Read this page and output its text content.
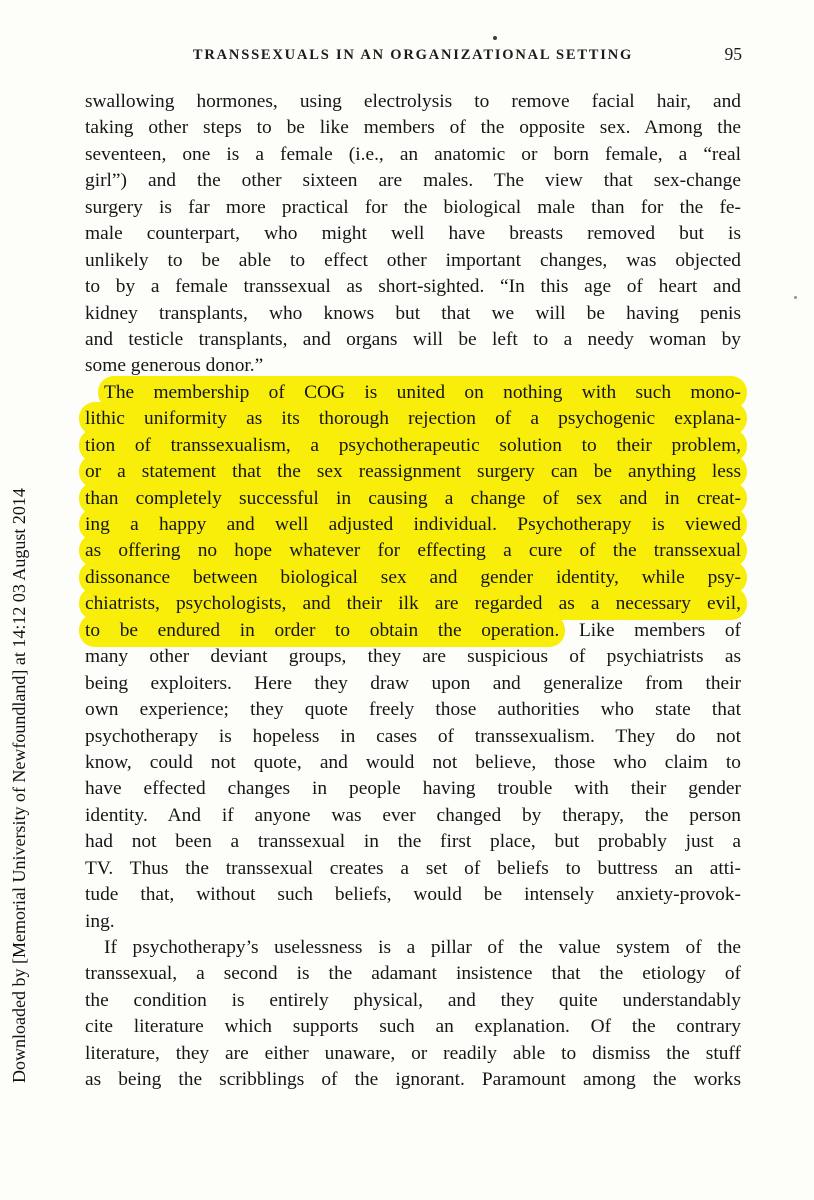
TRANSSEXUALS IN AN ORGANIZATIONAL SETTING	95
swallowing hormones, using electrolysis to remove facial hair, and
taking other steps to be like members of the opposite sex. Among the
seventeen, one is a female (i.e., an anatomic or born female, a “real
girl”) and the other sixteen are males. The view that sex-change
surgery is far more practical for the biological male than for the fe-
male counterpart, who might well have breasts removed but is
unlikely to be able to effect other important changes, was objected
to by a female transsexual as short-sighted. “In this age of heart and
kidney transplants, who knows but that we will be having penis
and testicle transplants, and organs will be left to a needy woman by
some generous donor.”
The membership of COG is united on nothing with such mono-
lithic uniformity as its thorough rejection of a psychogenic explana-
tion of transsexualism, a psychotherapeutic solution to their problem,
or a statement that the sex reassignment surgery can be anything less
than completely successful in causing a change of sex and in creat-
ing a happy and well adjusted individual. Psychotherapy is viewed
as offering no hope whatever for effecting a cure of the transsexual
dissonance between biological sex and gender identity, while psy-
chiatrists, psychologists, and their ilk are regarded as a necessary evil,
to be endured in order to obtain the operation. Like members of
many other deviant groups, they are suspicious of psychiatrists as
being exploiters. Here they draw upon and generalize from their
own experience; they quote freely those authorities who state that
psychotherapy is hopeless in cases of transsexualism. They do not
know, could not quote, and would not believe, those who claim to
have effected changes in people having trouble with their gender
identity. And if anyone was ever changed by therapy, the person
had not been a transsexual in the first place, but probably just a
TV. Thus the transsexual creates a set of beliefs to buttress an atti-
tude that, without such beliefs, would be intensely anxiety-provok-
ing.
If psychotherapy’s uselessness is a pillar of the value system of the
transsexual, a second is the adamant insistence that the etiology of
the condition is entirely physical, and they quite understandably
cite literature which supports such an explanation. Of the contrary
literature, they are either unaware, or readily able to dismiss the stuff
as being the scribblings of the ignorant. Paramount among the works
Downloaded by [Memorial University of Newfoundland] at 14:12 03 August 2014
